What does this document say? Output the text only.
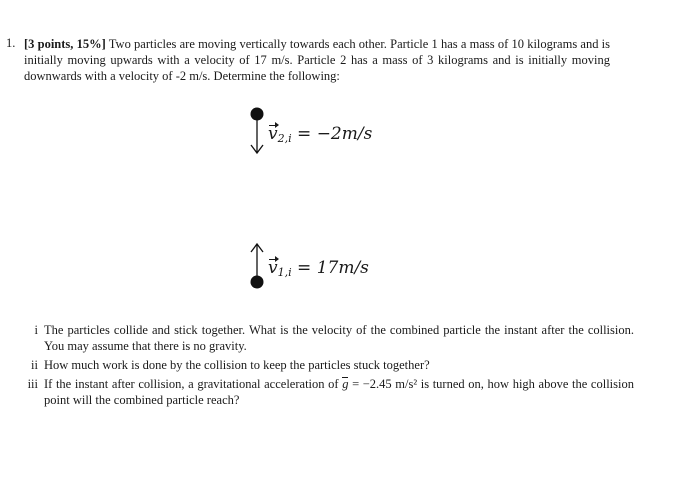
1. [3 points, 15%] Two particles are moving vertically towards each other. Particle 1 has a mass of 10 kilograms and is initially moving upwards with a velocity of 17 m/s. Particle 2 has a mass of 3 kilograms and is initially moving downwards with a velocity of -2 m/s. Determine the following:
$v_{2,i} = -2m/s$
$v_{1,i} = 17m/s$
i The particles collide and stick together. What is the velocity of the combined particle the instant after the collision. You may assume that there is no gravity.
ii How much work is done by the collision to keep the particles stuck together?
iii If the instant after collision, a gravitational acceleration of g = −2.45 m/s² is turned on, how high above the collision point will the combined particle reach?
